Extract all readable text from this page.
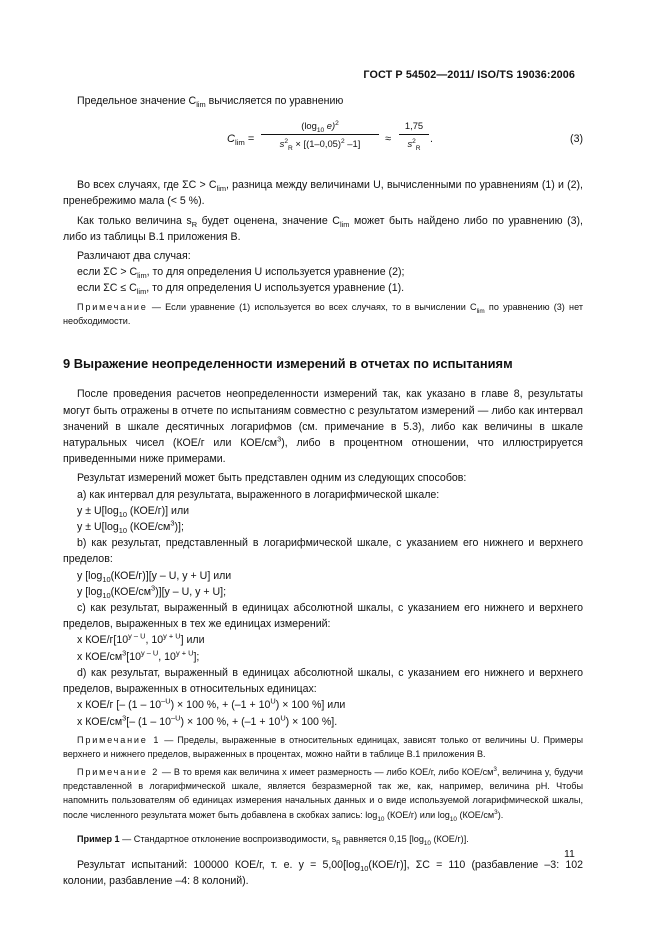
ГОСТ Р 54502—2011/ ISO/TS 19036:2006

Предельное значение $C_{lim}$ вычисляется по уравнению

$C_{lim}$ =
($\log_{10}$ e)$^2$
$s^2_R \times [(1-0,05)^2$ –1]	≈
1,75
$s^2_R$
.	(3)

Во всех случаях, где $\Sigma C > C_{lim}$, разница между величинами U, вычисленными по уравнениям (1) и (2), пренебрежимо мала (< 5 %).

Как только величина $s_R$ будет оценена, значение $C_{lim}$ может быть найдено либо по уравнению (3), либо из таблицы В.1 приложения В.

Различают два случая:

если $\Sigma C > C_{lim}$, то для определения U используется уравнение (2);

если $\Sigma C \le C_{lim}$, то для определения U используется уравнение (1).

Примечание — Если уравнение (1) используется во всех случаях, то в вычислении $C_{lim}$ по уравнению (3) нет необходимости.

9 Выражение неопределенности измерений в отчетах по испытаниям

После проведения расчетов неопределенности измерений так, как указано в главе 8, результаты могут быть отражены в отчете по испытаниям совместно с результатом измерений — либо как интервал значений в шкале десятичных логарифмов (см. примечание в 5.3), либо как величины в шкале натуральных чисел (КОЕ/г или КОЕ/$см^3$), либо в процентном отношении, что иллюстрируется приведенными ниже примерами.

Результат измерений может быть представлен одним из следующих способов:

а) как интервал для результата, выраженного в логарифмической шкале:

$y \pm U[\log_{10}$ (КОЕ/г)] или

$y \pm U[\log_{10}$ $(КОЕ/см^3)$];

b) как результат, представленный в логарифмической шкале, с указанием его нижнего и верхнего пределов:

y $[\log_{10}(КОЕ/г)][y$ – U, y + U] или

y $[\log_{10}(КОЕ/см^3)][y$ – U, y + U];

с) как результат, выраженный в единицах абсолютной шкалы, с указанием его нижнего и верхнего пределов, выраженных в тех же единицах измерений:

x КОЕ/$г[10^{y - U}$, $10^{y + U}$] или

x КОЕ/$см^3[10^{y - U}$, $10^{y + U}$];

d) как результат, выраженный в единицах абсолютной шкалы, с указанием его нижнего и верхнего пределов, выраженных в относительных единицах:

x КОЕ/г [– $(1 - 10^{-U}) \times 100$ %, + $(-1 + 10^U) \times 100$ %] или

x КОЕ/$см^3[-$ $(1 - 10^{-U}) \times 100$ %, + $(-1 + 10^U) \times 100$ %].

Примечание 1 — Пределы, выраженные в относительных единицах, зависят только от величины U. Примеры верхнего и нижнего пределов, выраженных в процентах, можно найти в таблице В.1 приложения В.

Примечание 2 — В то время как величина x имеет размерность — либо КОЕ/г, либо КОЕ/$см^3$, величина y, будучи представленной в логарифмической шкале, является безразмерной так же, как, например, величина pH. Чтобы напомнить пользователям об единицах измерения начальных данных и о виде используемой логарифмической шкалы, после численного результата может быть добавлена в скобках запись: $\log_{10} (КОЕ/г)$ или $\log_{10} (КОЕ/см^3)$.

Пример 1 — Стандартное отклонение воспроизводимости, $s_R$ равняется 0,15 [$\log_{10}$ (КОЕ/г)].

Результат испытаний: 100000 КОЕ/г, т. е. $y = 5,00[\log_{10}(КОЕ/г)]$, ΣC = 110 (разбавление –3: 102 колонии, разбавление –4: 8 колоний).

11
